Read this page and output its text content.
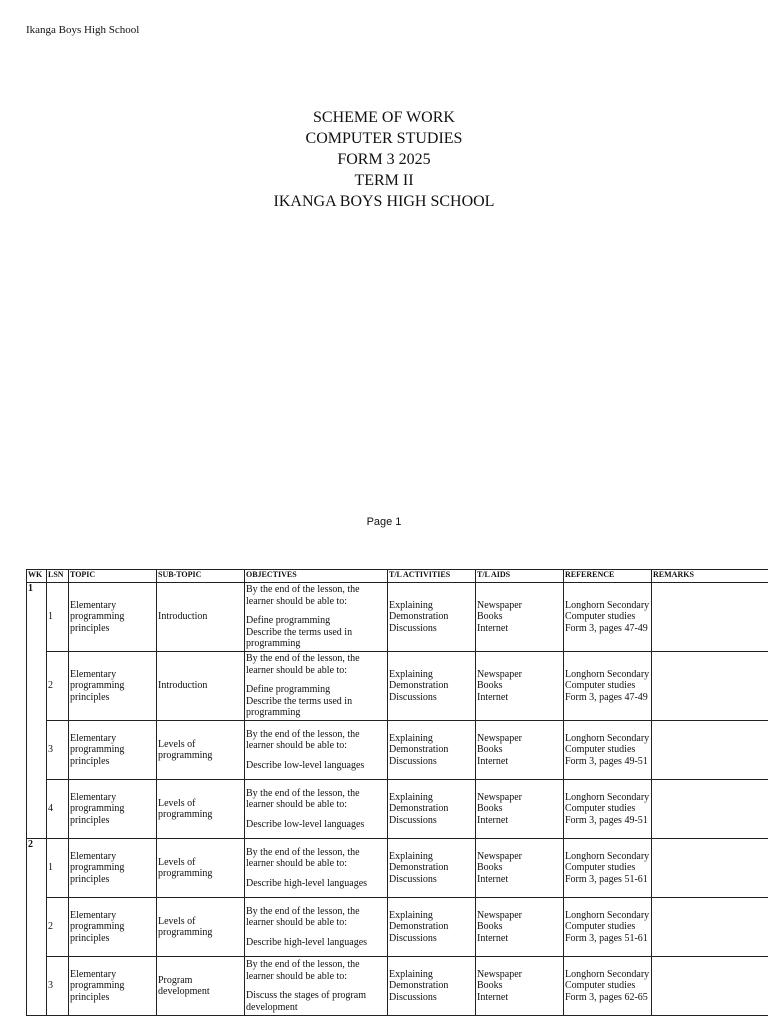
Ikanga Boys High School
SCHEME OF WORK
COMPUTER STUDIES
FORM 3 2025
TERM II
IKANGA BOYS HIGH SCHOOL
Page 1
WK	LSN	TOPIC	SUB-TOPIC	OBJECTIVES	T/L ACTIVITIES	T/L AIDS	REFERENCE	REMARKS
1	1	Elementary programming principles	Introduction	By the end of the lesson, the learner should be able to:
Define programming
Describe the terms used in programming	Explaining
Demonstration
Discussions	Newspaper
Books
Internet	Longhorn Secondary Computer studies Form 3, pages 47-49	
	2	Elementary programming principles	Introduction	By the end of the lesson, the learner should be able to:
Define programming
Describe the terms used in programming	Explaining
Demonstration
Discussions	Newspaper
Books
Internet	Longhorn Secondary Computer studies Form 3, pages 47-49	
	3	Elementary programming principles	Levels of programming	By the end of the lesson, the learner should be able to:
Describe low-level languages	Explaining
Demonstration
Discussions	Newspaper
Books
Internet	Longhorn Secondary Computer studies Form 3, pages 49-51	
	4	Elementary programming principles	Levels of programming	By the end of the lesson, the learner should be able to:
Describe low-level languages	Explaining
Demonstration
Discussions	Newspaper
Books
Internet	Longhorn Secondary Computer studies Form 3, pages 49-51	
2	1	Elementary programming principles	Levels of programming	By the end of the lesson, the learner should be able to:
Describe high-level languages	Explaining
Demonstration
Discussions	Newspaper
Books
Internet	Longhorn Secondary Computer studies Form 3, pages 51-61	
	2	Elementary programming principles	Levels of programming	By the end of the lesson, the learner should be able to:
Describe high-level languages	Explaining
Demonstration
Discussions	Newspaper
Books
Internet	Longhorn Secondary Computer studies Form 3, pages 51-61	
	3	Elementary programming principles	Program development	By the end of the lesson, the learner should be able to:
Discuss the stages of program development	Explaining
Demonstration
Discussions	Newspaper
Books
Internet	Longhorn Secondary Computer studies Form 3, pages 62-65	
